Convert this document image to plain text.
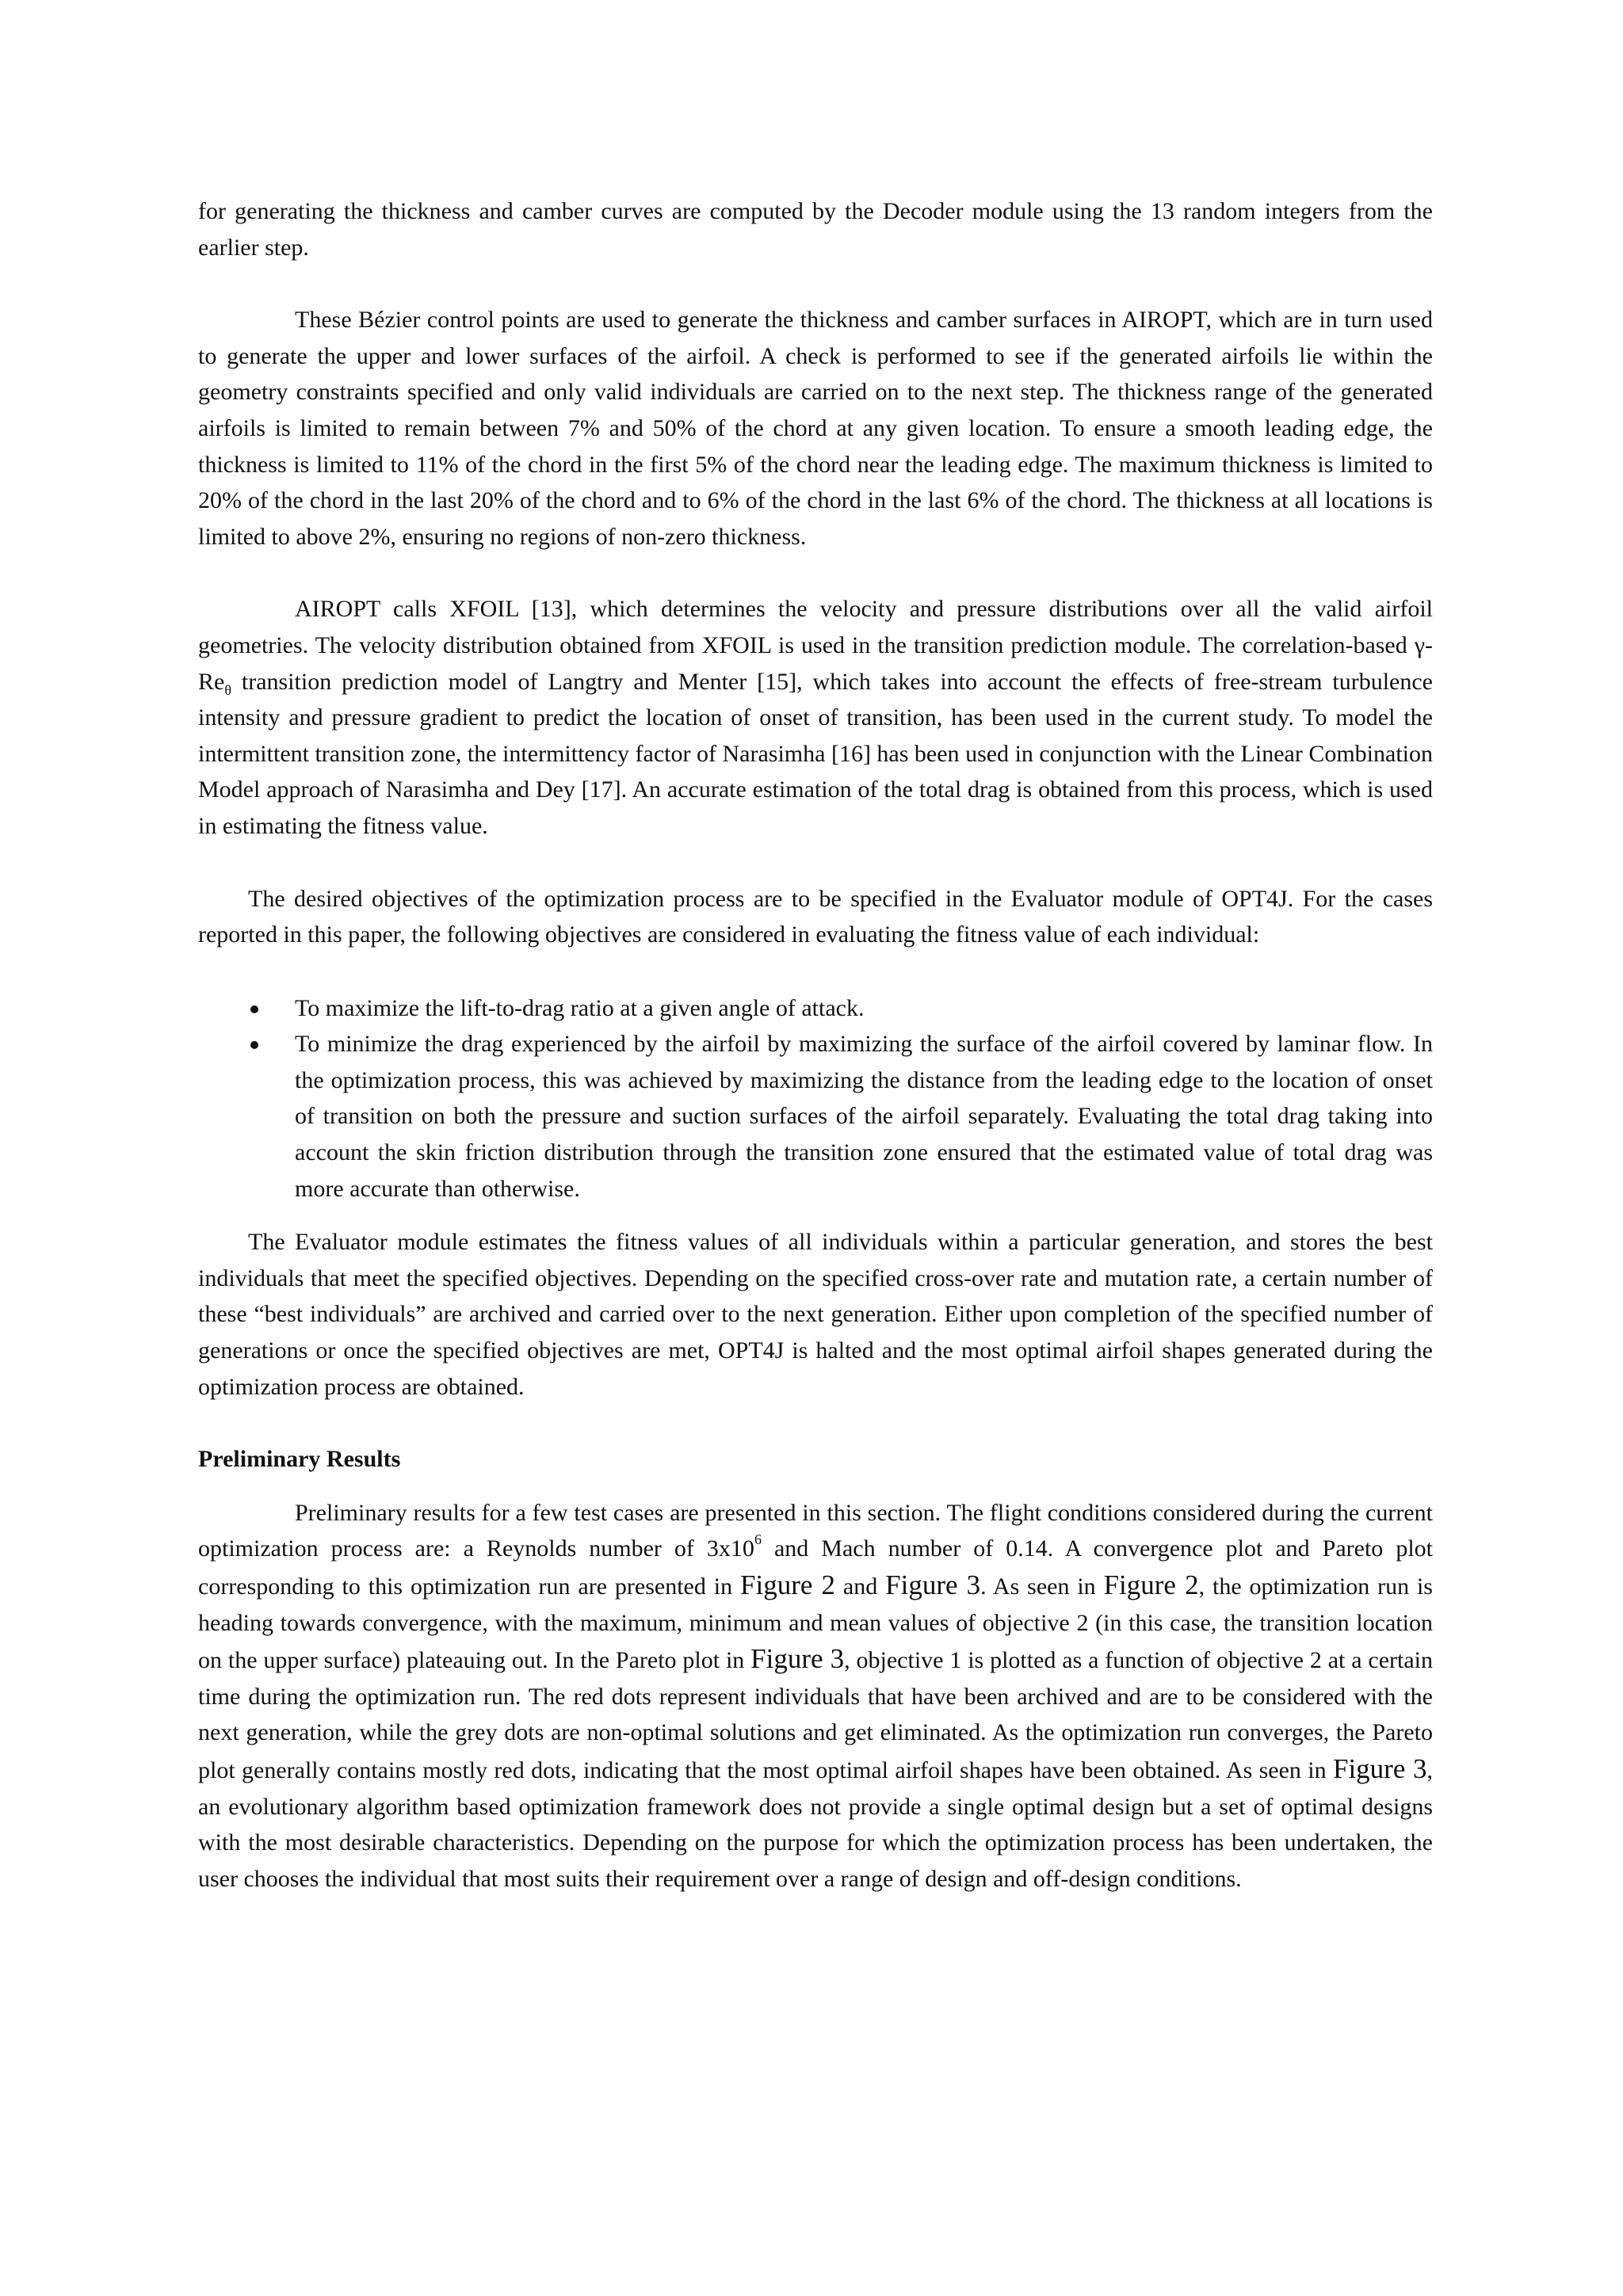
for generating the thickness and camber curves are computed by the Decoder module using the 13 random integers from the earlier step.

These Bézier control points are used to generate the thickness and camber surfaces in AIROPT, which are in turn used to generate the upper and lower surfaces of the airfoil. A check is performed to see if the generated airfoils lie within the geometry constraints specified and only valid individuals are carried on to the next step. The thickness range of the generated airfoils is limited to remain between 7% and 50% of the chord at any given location. To ensure a smooth leading edge, the thickness is limited to 11% of the chord in the first 5% of the chord near the leading edge. The maximum thickness is limited to 20% of the chord in the last 20% of the chord and to 6% of the chord in the last 6% of the chord. The thickness at all locations is limited to above 2%, ensuring no regions of non-zero thickness.

AIROPT calls XFOIL [13], which determines the velocity and pressure distributions over all the valid airfoil geometries. The velocity distribution obtained from XFOIL is used in the transition prediction module. The correlation-based $\gamma-Re_\theta$ transition prediction model of Langtry and Menter [15], which takes into account the effects of free-stream turbulence intensity and pressure gradient to predict the location of onset of transition, has been used in the current study. To model the intermittent transition zone, the intermittency factor of Narasimha [16] has been used in conjunction with the Linear Combination Model approach of Narasimha and Dey [17]. An accurate estimation of the total drag is obtained from this process, which is used in estimating the fitness value.

The desired objectives of the optimization process are to be specified in the Evaluator module of OPT4J. For the cases reported in this paper, the following objectives are considered in evaluating the fitness value of each individual:

To maximize the lift-to-drag ratio at a given angle of attack.
To minimize the drag experienced by the airfoil by maximizing the surface of the airfoil covered by laminar flow. In the optimization process, this was achieved by maximizing the distance from the leading edge to the location of onset of transition on both the pressure and suction surfaces of the airfoil separately. Evaluating the total drag taking into account the skin friction distribution through the transition zone ensured that the estimated value of total drag was more accurate than otherwise.

The Evaluator module estimates the fitness values of all individuals within a particular generation, and stores the best individuals that meet the specified objectives. Depending on the specified cross-over rate and mutation rate, a certain number of these “best individuals” are archived and carried over to the next generation. Either upon completion of the specified number of generations or once the specified objectives are met, OPT4J is halted and the most optimal airfoil shapes generated during the optimization process are obtained.

Preliminary Results

Preliminary results for a few test cases are presented in this section. The flight conditions considered during the current optimization process are: a Reynolds number of $3x10^6$ and Mach number of 0.14. A convergence plot and Pareto plot corresponding to this optimization run are presented in Figure 2 and Figure 3. As seen in Figure 2, the optimization run is heading towards convergence, with the maximum, minimum and mean values of objective 2 (in this case, the transition location on the upper surface) plateauing out. In the Pareto plot in Figure 3, objective 1 is plotted as a function of objective 2 at a certain time during the optimization run. The red dots represent individuals that have been archived and are to be considered with the next generation, while the grey dots are non-optimal solutions and get eliminated. As the optimization run converges, the Pareto plot generally contains mostly red dots, indicating that the most optimal airfoil shapes have been obtained. As seen in Figure 3, an evolutionary algorithm based optimization framework does not provide a single optimal design but a set of optimal designs with the most desirable characteristics. Depending on the purpose for which the optimization process has been undertaken, the user chooses the individual that most suits their requirement over a range of design and off-design conditions.
